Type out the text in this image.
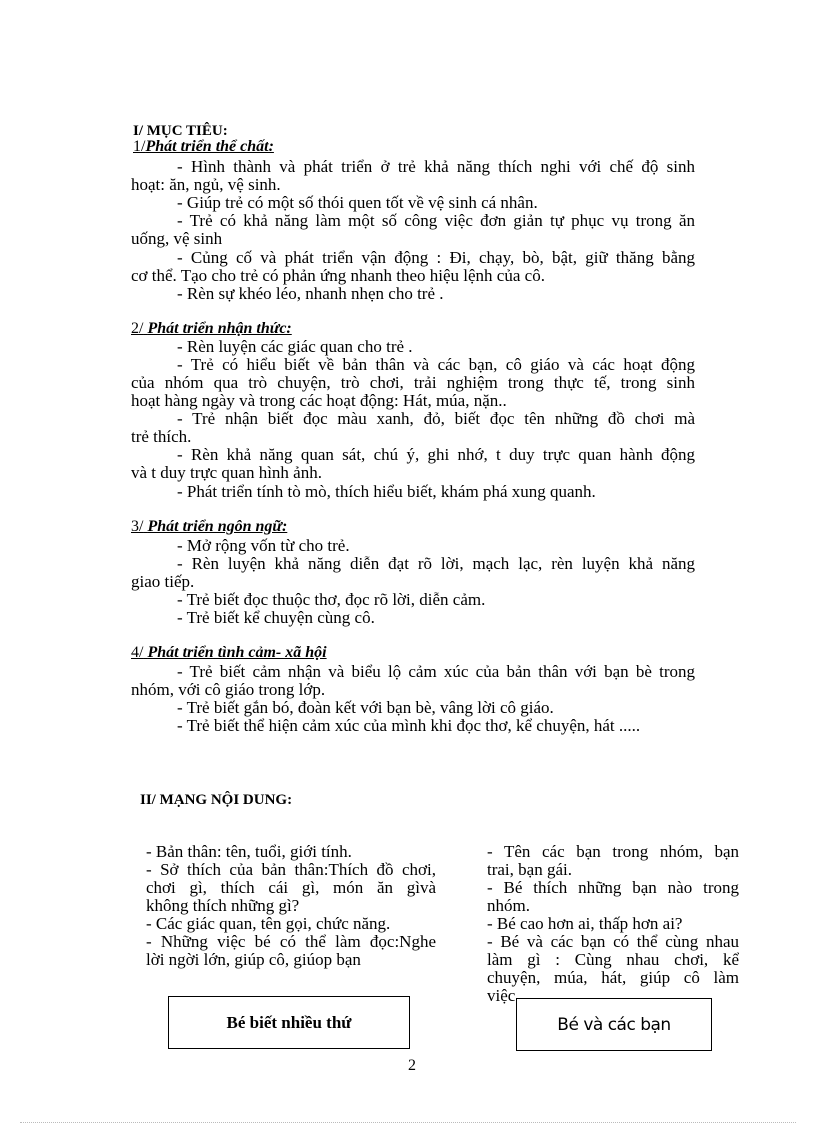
I/ MỤC TIÊU:
1/Phát triển thể chất:
- Hình thành và phát triển ở trẻ khả năng thích nghi với chế độ sinh
hoạt: ăn, ngủ, vệ sinh.
- Giúp trẻ có một số thói quen tốt về vệ sinh cá nhân.
- Trẻ có khả năng làm một số công việc đơn giản tự phục vụ trong ăn
uống, vệ sinh
- Củng cố và phát triển vận động : Đi, chạy, bò, bật, giữ thăng bằng
cơ thể. Tạo cho trẻ có phản ứng nhanh theo hiệu lệnh của cô.
- Rèn sự khéo léo, nhanh nhẹn cho trẻ .
2/ Phát triển nhận thức:
- Rèn luyện các giác quan cho trẻ .
- Trẻ có hiểu biết về bản thân và các bạn, cô giáo và các hoạt động
của nhóm qua trò chuyện, trò chơi, trải nghiệm trong thực tế, trong sinh
hoạt hàng ngày và trong các hoạt động: Hát, múa, nặn..
- Trẻ nhận biết đọc màu xanh, đỏ, biết đọc tên những đồ chơi mà
trẻ thích.
- Rèn khả năng quan sát, chú ý, ghi nhớ, t duy trực quan hành động
và t duy trực quan hình ảnh.
- Phát triển tính tò mò, thích hiểu biết, khám phá xung quanh.
3/ Phát triển ngôn ngữ:
- Mở rộng vốn từ cho trẻ.
- Rèn luyện khả năng diễn đạt rõ lời, mạch lạc, rèn luyện khả năng
giao tiếp.
- Trẻ biết đọc thuộc thơ, đọc rõ lời, diễn cảm.
- Trẻ biết kể chuyện cùng cô.
4/ Phát triển tình cảm- xã hội
- Trẻ biết cảm nhận và biểu lộ cảm xúc của bản thân với bạn bè trong
nhóm, với cô giáo trong lớp.
- Trẻ biết gắn bó, đoàn kết với bạn bè, vâng lời cô giáo.
- Trẻ biết thể hiện cảm xúc của mình khi đọc thơ, kể chuyện, hát .....
II/ MẠNG NỘI DUNG:
- Bản thân: tên, tuổi, giới tính.
- Sở thích của bản thân:Thích đồ chơi,
chơi gì, thích cái gì, món ăn gìvà
không thích những gì?
- Các giác quan, tên gọi, chức năng.
- Những việc bé có thể làm đọc:Nghe
lời ngời lớn, giúp cô, giúop bạn
- Tên các bạn trong nhóm, bạn
trai, bạn gái.
- Bé thích những bạn nào trong
nhóm.
- Bé cao hơn ai, thấp hơn ai?
- Bé và các bạn có thể cùng nhau
làm gì : Cùng nhau chơi, kể
chuyện, múa, hát, giúp cô làm
việc
Bé biết nhiều thứ	Bé và các bạn
2
